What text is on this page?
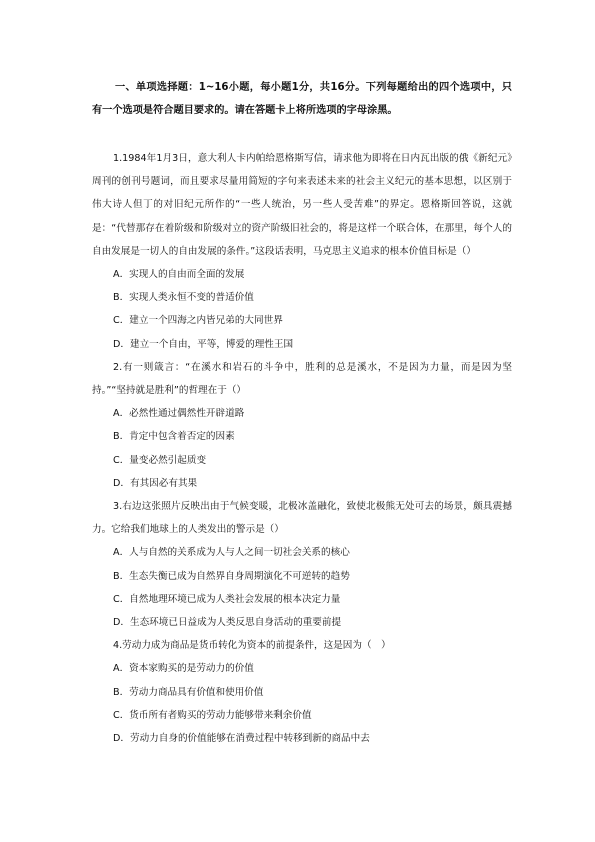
一、单项选择题：1~16小题，每小题1分，共16分。下列每题给出的四个选项中，只有一个选项是符合题目要求的。请在答题卡上将所选项的字母涂黑。

1.1984年1月3日，意大利人卡内帕给恩格斯写信，请求他为即将在日内瓦出版的俄《新纪元》周刊的创刊号题词，而且要求尽量用简短的字句来表述未来的社会主义纪元的基本思想，以区别于伟大诗人但丁的对旧纪元所作的“一些人统治，另一些人受苦难”的界定。恩格斯回答说，这就是：“代替那存在着阶级和阶级对立的资产阶级旧社会的，将是这样一个联合体，在那里，每个人的自由发展是一切人的自由发展的条件。”这段话表明，马克思主义追求的根本价值目标是（）

A．实现人的自由而全面的发展

B．实现人类永恒不变的普适价值

C．建立一个四海之内皆兄弟的大同世界

D．建立一个自由，平等，博爱的理性王国

2.有一则箴言：“在溪水和岩石的斗争中，胜利的总是溪水，不是因为力量，而是因为坚持。”“坚持就是胜利”的哲理在于（）

A．必然性通过偶然性开辟道路

B．肯定中包含着否定的因素

C．量变必然引起质变

D．有其因必有其果

3.右边这张照片反映出由于气候变暖，北极冰盖融化，致使北极熊无处可去的场景，颇具震撼力。它给我们地球上的人类发出的警示是（）

A．人与自然的关系成为人与人之间一切社会关系的核心

B．生态失衡已成为自然界自身周期演化不可逆转的趋势

C．自然地理环境已成为人类社会发展的根本决定力量

D．生态环境已日益成为人类反思自身活动的重要前提

4.劳动力成为商品是货币转化为资本的前提条件，这是因为（　）

A．资本家购买的是劳动力的价值

B．劳动力商品具有价值和使用价值

C．货币所有者购买的劳动力能够带来剩余价值

D．劳动力自身的价值能够在消费过程中转移到新的商品中去
